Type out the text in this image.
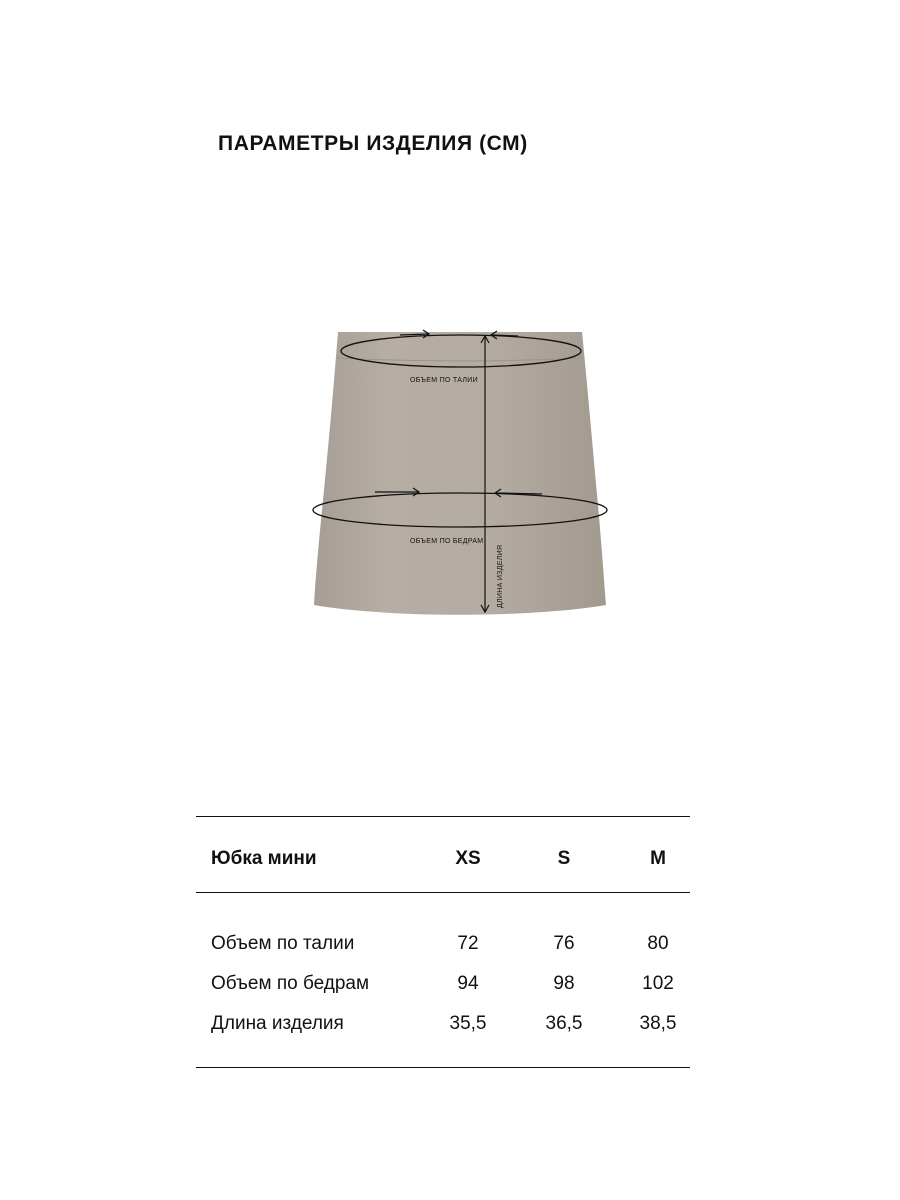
ПАРАМЕТРЫ ИЗДЕЛИЯ (СМ)
ОБЪЕМ ПО ТАЛИИ
ОБЪЕМ ПО БЕДРАМ
ДЛИНА ИЗДЕЛИЯ
Юбка мини	XS	S	M
Объем по талии	72	76	80
Объем по бедрам	94	98	102
Длина изделия	35,5	36,5	38,5
